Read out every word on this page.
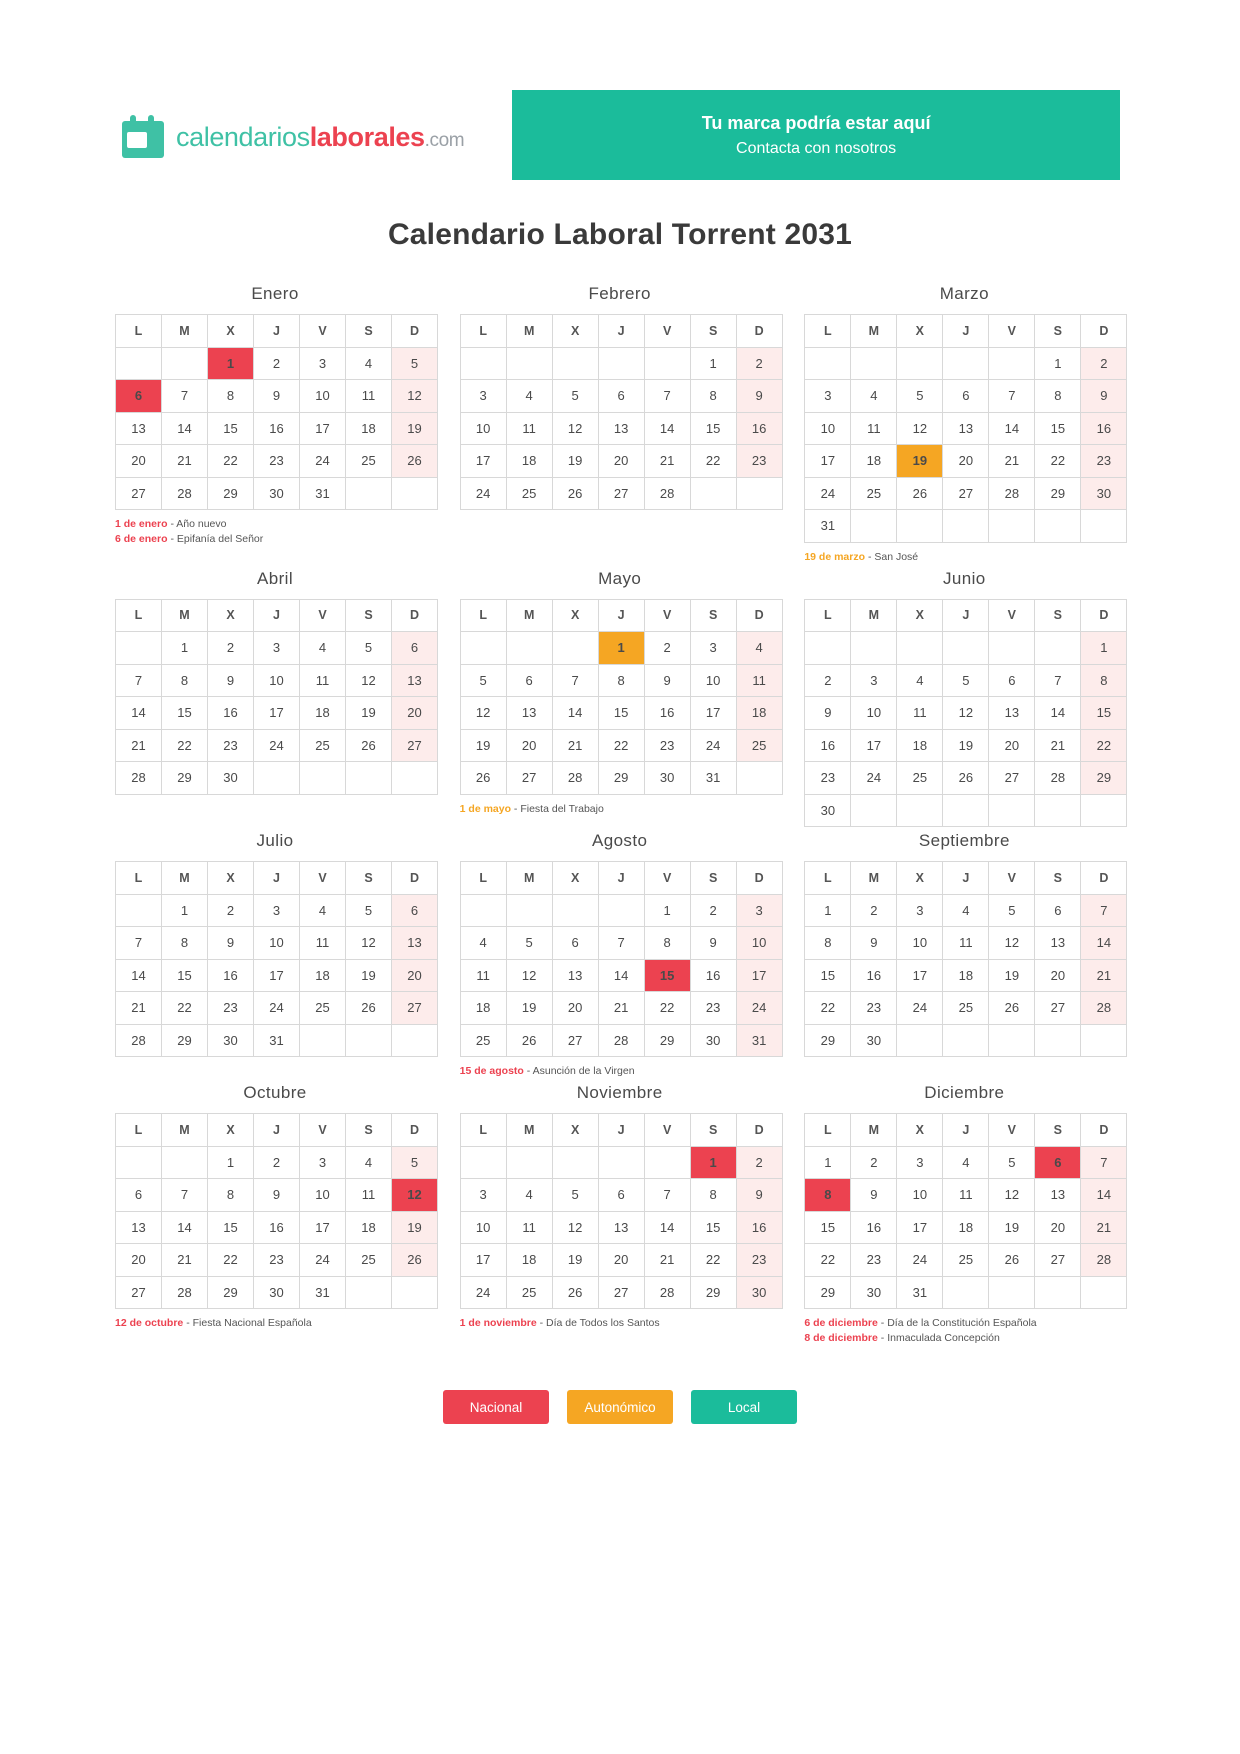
calendarioslaborales.com
Tu marca podría estar aquí
Contacta con nosotros
Calendario Laboral Torrent 2031
Enero
L	M	X	J	V	S	D
		1	2	3	4	5
6	7	8	9	10	11	12
13	14	15	16	17	18	19
20	21	22	23	24	25	26
27	28	29	30	31		
1 de enero - Año nuevo
6 de enero - Epifanía del Señor
Febrero
L	M	X	J	V	S	D
					1	2
3	4	5	6	7	8	9
10	11	12	13	14	15	16
17	18	19	20	21	22	23
24	25	26	27	28		
Marzo
L	M	X	J	V	S	D
					1	2
3	4	5	6	7	8	9
10	11	12	13	14	15	16
17	18	19	20	21	22	23
24	25	26	27	28	29	30
31						
19 de marzo - San José
Abril
L	M	X	J	V	S	D
	1	2	3	4	5	6
7	8	9	10	11	12	13
14	15	16	17	18	19	20
21	22	23	24	25	26	27
28	29	30				
Mayo
L	M	X	J	V	S	D
			1	2	3	4
5	6	7	8	9	10	11
12	13	14	15	16	17	18
19	20	21	22	23	24	25
26	27	28	29	30	31	
1 de mayo - Fiesta del Trabajo
Junio
L	M	X	J	V	S	D
						1
2	3	4	5	6	7	8
9	10	11	12	13	14	15
16	17	18	19	20	21	22
23	24	25	26	27	28	29
30						
Julio
L	M	X	J	V	S	D
	1	2	3	4	5	6
7	8	9	10	11	12	13
14	15	16	17	18	19	20
21	22	23	24	25	26	27
28	29	30	31			
Agosto
L	M	X	J	V	S	D
				1	2	3
4	5	6	7	8	9	10
11	12	13	14	15	16	17
18	19	20	21	22	23	24
25	26	27	28	29	30	31
15 de agosto - Asunción de la Virgen
Septiembre
L	M	X	J	V	S	D
1	2	3	4	5	6	7
8	9	10	11	12	13	14
15	16	17	18	19	20	21
22	23	24	25	26	27	28
29	30					
Octubre
L	M	X	J	V	S	D
		1	2	3	4	5
6	7	8	9	10	11	12
13	14	15	16	17	18	19
20	21	22	23	24	25	26
27	28	29	30	31		
12 de octubre - Fiesta Nacional Española
Noviembre
L	M	X	J	V	S	D
					1	2
3	4	5	6	7	8	9
10	11	12	13	14	15	16
17	18	19	20	21	22	23
24	25	26	27	28	29	30
1 de noviembre - Día de Todos los Santos
Diciembre
L	M	X	J	V	S	D
1	2	3	4	5	6	7
8	9	10	11	12	13	14
15	16	17	18	19	20	21
22	23	24	25	26	27	28
29	30	31				
6 de diciembre - Día de la Constitución Española
8 de diciembre - Inmaculada Concepción
Nacional	Autonómico	Local
